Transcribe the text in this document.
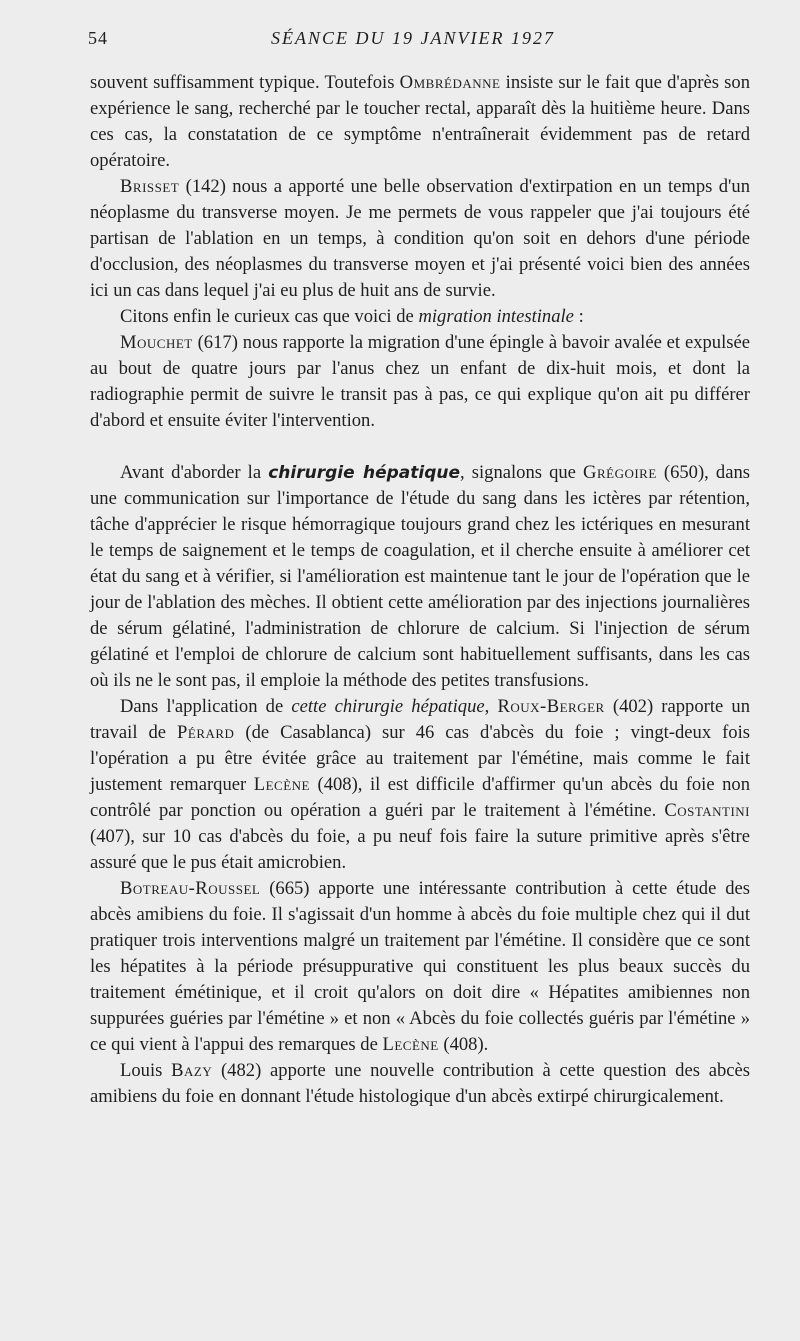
54	SÉANCE DU 19 JANVIER 1927

souvent suffisamment typique. Toutefois Ombrédanne insiste sur le fait que d'après son expérience le sang, recherché par le toucher rectal, apparaît dès la huitième heure. Dans ces cas, la constatation de ce symptôme n'entraînerait évidemment pas de retard opératoire.

Brisset (142) nous a apporté une belle observation d'extirpation en un temps d'un néoplasme du transverse moyen. Je me permets de vous rappeler que j'ai toujours été partisan de l'ablation en un temps, à condition qu'on soit en dehors d'une période d'occlusion, des néoplasmes du transverse moyen et j'ai présenté voici bien des années ici un cas dans lequel j'ai eu plus de huit ans de survie.

Citons enfin le curieux cas que voici de migration intestinale :

Mouchet (617) nous rapporte la migration d'une épingle à bavoir avalée et expulsée au bout de quatre jours par l'anus chez un enfant de dix-huit mois, et dont la radiographie permit de suivre le transit pas à pas, ce qui explique qu'on ait pu différer d'abord et ensuite éviter l'intervention.

Avant d'aborder la chirurgie hépatique, signalons que Grégoire (650), dans une communication sur l'importance de l'étude du sang dans les ictères par rétention, tâche d'apprécier le risque hémorragique toujours grand chez les ictériques en mesurant le temps de saignement et le temps de coagulation, et il cherche ensuite à améliorer cet état du sang et à vérifier, si l'amélioration est maintenue tant le jour de l'opération que le jour de l'ablation des mèches. Il obtient cette amélioration par des injections journalières de sérum gélatiné, l'administration de chlorure de calcium. Si l'injection de sérum gélatiné et l'emploi de chlorure de calcium sont habituellement suffisants, dans les cas où ils ne le sont pas, il emploie la méthode des petites transfusions.

Dans l'application de cette chirurgie hépatique, Roux-Berger (402) rapporte un travail de Pérard (de Casablanca) sur 46 cas d'abcès du foie ; vingt-deux fois l'opération a pu être évitée grâce au traitement par l'émétine, mais comme le fait justement remarquer Lecène (408), il est difficile d'affirmer qu'un abcès du foie non contrôlé par ponction ou opération a guéri par le traitement à l'émétine. Costantini (407), sur 10 cas d'abcès du foie, a pu neuf fois faire la suture primitive après s'être assuré que le pus était amicrobien.

Botreau-Roussel (665) apporte une intéressante contribution à cette étude des abcès amibiens du foie. Il s'agissait d'un homme à abcès du foie multiple chez qui il dut pratiquer trois interventions malgré un traitement par l'émétine. Il considère que ce sont les hépatites à la période présuppurative qui constituent les plus beaux succès du traitement émétinique, et il croit qu'alors on doit dire « Hépatites amibiennes non suppurées guéries par l'émétine » et non « Abcès du foie collectés guéris par l'émétine » ce qui vient à l'appui des remarques de Lecène (408).

Louis Bazy (482) apporte une nouvelle contribution à cette question des abcès amibiens du foie en donnant l'étude histologique d'un abcès extirpé chirurgicalement.
